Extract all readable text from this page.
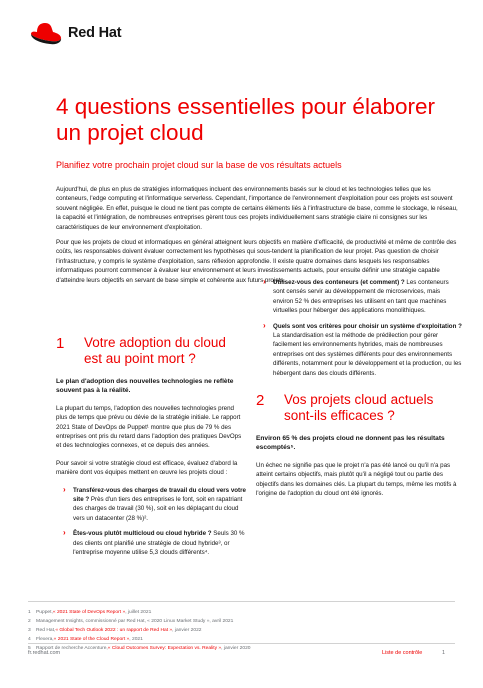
Red Hat
4 questions essentielles pour élaborer un projet cloud
Planifiez votre prochain projet cloud sur la base de vos résultats actuels

Aujourd'hui, de plus en plus de stratégies informatiques incluent des environnements basés sur le cloud et les technologies telles que les conteneurs, l'edge computing et l'informatique serverless. Cependant, l'importance de l'environnement d'exploitation pour ces projets est souvent souvent négligée. En effet, puisque le cloud ne tient pas compte de certains éléments liés à l'infrastructure de base, comme le stockage, le réseau, la capacité et l'intégration, de nombreuses entreprises gèrent tous ces projets individuellement sans stratégie claire ni consignes sur les caractéristiques de leur environnement d'exploitation.

Pour que les projets de cloud et informatiques en général atteignent leurs objectifs en matière d'efficacité, de productivité et même de contrôle des coûts, les responsables doivent évaluer correctement les hypothèses qui sous-tendent la planification de leur projet. Pas question de choisir l'infrastructure, y compris le système d'exploitation, sans réflexion approfondie. Il existe quatre domaines dans lesquels les responsables informatiques pourront commencer à évaluer leur environnement et leurs investissements actuels, pour ensuite définir une stratégie capable d'atteindre leurs objectifs en servant de base simple et cohérente aux futurs projets.

1	Votre adoption du cloud est au point mort ?
Le plan d'adoption des nouvelles technologies ne reflète souvent pas à la réalité.
La plupart du temps, l'adoption des nouvelles technologies prend plus de temps que prévu ou dévie de la stratégie initiale. Le rapport 2021 State of DevOps de Puppet¹ montre que plus de 79 % des entreprises ont pris du retard dans l'adoption des pratiques DevOps et des technologies connexes, et ce depuis des années.
Pour savoir si votre stratégie cloud est efficace, évaluez d'abord la manière dont vos équipes mettent en œuvre les projets cloud :
› Transférez-vous des charges de travail du cloud vers votre site ? Près d'un tiers des entreprises le font, soit en rapatriant des charges de travail (30 %), soit en les déplaçant du cloud vers un datacenter (28 %)².
› Êtes-vous plutôt multicloud ou cloud hybride ? Seuls 30 % des clients ont planifié une stratégie de cloud hybride³, or l'entreprise moyenne utilise 5,3 clouds différents⁴.
› Utilisez-vous des conteneurs (et comment) ? Les conteneurs sont censés servir au développement de microservices, mais environ 52 % des entreprises les utilisent en tant que machines virtuelles pour héberger des applications monolithiques.
› Quels sont vos critères pour choisir un système d'exploitation ? La standardisation est la méthode de prédilection pour gérer facilement les environnements hybrides, mais de nombreuses entreprises ont des systèmes différents pour des environnements différents, notamment pour le développement et la production, ou les hébergent dans des clouds différents.
2	Vos projets cloud actuels sont-ils efficaces ?
Environ 65 % des projets cloud ne donnent pas les résultats escomptés⁵.
Un échec ne signifie pas que le projet n'a pas été lancé ou qu'il n'a pas atteint certains objectifs, mais plutôt qu'il a négligé tout ou partie des objectifs dans les domaines clés. La plupart du temps, même les motifs à l'origine de l'adoption du cloud ont été ignorés.
1	Puppet, « 2021 State of DevOps Report » , juillet 2021
2	Management Insights, commissionné par Red Hat, « 2020 Linux Market Study », avril 2021
3	Red Hat, « Global Tech Outlook 2022 : un rapport de Red Hat » , janvier 2022
4	Flexera, « 2021 State of the Cloud Report » , 2021
5	Rapport de recherche Accenture, « Cloud Outcomes Survey: Expectation vs. Reality » , janvier 2020
fr.redhat.com	Liste de contrôle	1
